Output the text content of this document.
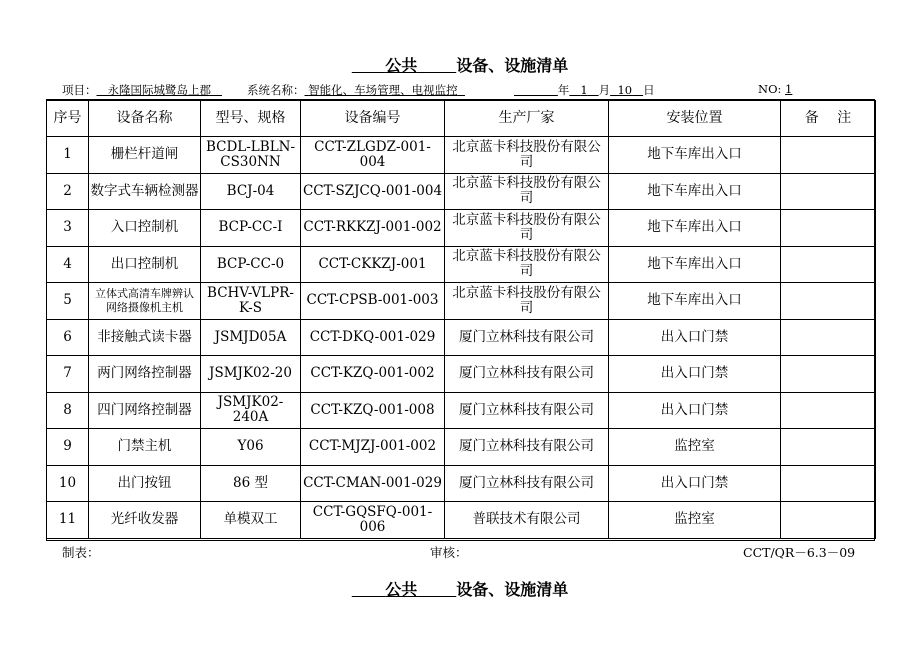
公共 设备、设施清单
项目： 永隆国际城鹭岛上郡	系统名称： 智能化、车场管理、电视监控	年 1 月 10 日	NO: 1
序号	设备名称	型号、规格	设备编号	生产厂家	安装位置	备　 注
1	栅栏杆道闸	BCDL-LBLN-CS30NN	CCT-ZLGDZ-001-004	北京蓝卡科技股份有限公司	地下车库出入口	
2	数字式车辆检测器	BCJ-04	CCT-SZJCQ-001-004	北京蓝卡科技股份有限公司	地下车库出入口	
3	入口控制机	BCP-CC-I	CCT-RKKZJ-001-002	北京蓝卡科技股份有限公司	地下车库出入口	
4	出口控制机	BCP-CC-0	CCT-CKKZJ-001	北京蓝卡科技股份有限公司	地下车库出入口	
5	立体式高清车牌辨认网络摄像机主机	BCHV-VLPR-K-S	CCT-CPSB-001-003	北京蓝卡科技股份有限公司	地下车库出入口	
6	非接触式读卡器	JSMJD05A	CCT-DKQ-001-029	厦门立林科技有限公司	出入口门禁	
7	两门网络控制器	JSMJK02-20	CCT-KZQ-001-002	厦门立林科技有限公司	出入口门禁	
8	四门网络控制器	JSMJK02-240A	CCT-KZQ-001-008	厦门立林科技有限公司	出入口门禁	
9	门禁主机	Y06	CCT-MJZJ-001-002	厦门立林科技有限公司	监控室	
10	出门按钮	86 型	CCT-CMAN-001-029	厦门立林科技有限公司	出入口门禁	
11	光纤收发器	单模双工	CCT-GQSFQ-001-006	普联技术有限公司	监控室	
制表：	审核：	CCT/QR－6.3－09
公共 设备、设施清单
